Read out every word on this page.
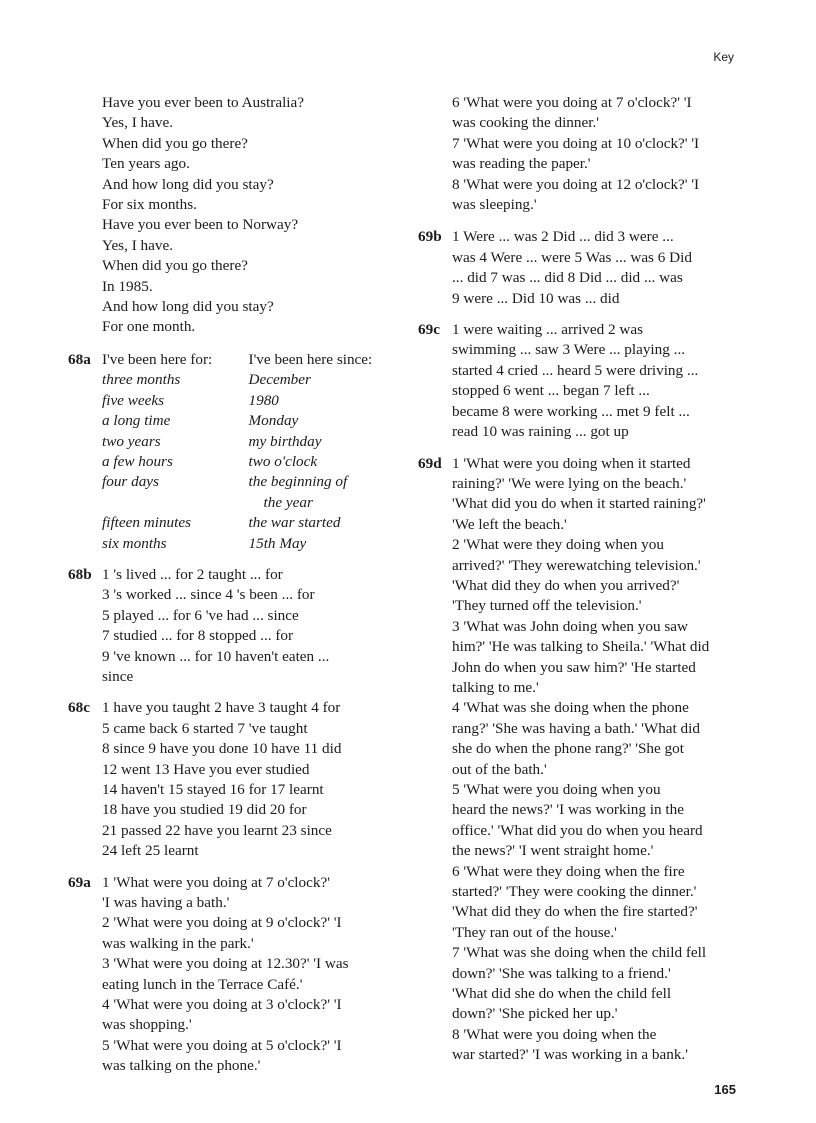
Key
Have you ever been to Australia?
Yes, I have.
When did you go there?
Ten years ago.
And how long did you stay?
For six months.
Have you ever been to Norway?
Yes, I have.
When did you go there?
In 1985.
And how long did you stay?
For one month.
68a I've been here for:
three months
five weeks
a long time
two years
a few hours
four days

fifteen minutes
six months
I've been here since:
December
1980
Monday
my birthday
two o'clock
the beginning of
the year
the war started
15th May
68b 1 's lived ... for 2 taught ... for
3 's worked ... since 4 's been ... for
5 played ... for 6 've had ... since
7 studied ... for 8 stopped ... for
9 've known ... for 10 haven't eaten ...
since
68c 1 have you taught 2 have 3 taught 4 for
5 came back 6 started 7 've taught
8 since 9 have you done 10 have 11 did
12 went 13 Have you ever studied
14 haven't 15 stayed 16 for 17 learnt
18 have you studied 19 did 20 for
21 passed 22 have you learnt 23 since
24 left 25 learnt
69a 1 'What were you doing at 7 o'clock?'
'I was having a bath.'
2 'What were you doing at 9 o'clock?' 'I
was walking in the park.'
3 'What were you doing at 12.30?' 'I was
eating lunch in the Terrace Café.'
4 'What were you doing at 3 o'clock?' 'I
was shopping.'
5 'What were you doing at 5 o'clock?' 'I
was talking on the phone.'
6 'What were you doing at 7 o'clock?' 'I
was cooking the dinner.'
7 'What were you doing at 10 o'clock?' 'I
was reading the paper.'
8 'What were you doing at 12 o'clock?' 'I
was sleeping.'
69b 1 Were ... was 2 Did ... did 3 were ...
was 4 Were ... were 5 Was ... was 6 Did
... did 7 was ... did 8 Did ... did ... was
9 were ... Did 10 was ... did
69c 1 were waiting ... arrived 2 was
swimming ... saw 3 Were ... playing ...
started 4 cried ... heard 5 were driving ...
stopped 6 went ... began 7 left ...
became 8 were working ... met 9 felt ...
read 10 was raining ... got up
69d 1 'What were you doing when it started
raining?' 'We were lying on the beach.'
'What did you do when it started raining?'
'We left the beach.'
2 'What were they doing when you
arrived?' 'They werewatching television.'
'What did they do when you arrived?'
'They turned off the television.'
3 'What was John doing when you saw
him?' 'He was talking to Sheila.' 'What did
John do when you saw him?' 'He started
talking to me.'
4 'What was she doing when the phone
rang?' 'She was having a bath.' 'What did
she do when the phone rang?' 'She got
out of the bath.'
5 'What were you doing when you
heard the news?' 'I was working in the
office.' 'What did you do when you heard
the news?' 'I went straight home.'
6 'What were they doing when the fire
started?' 'They were cooking the dinner.'
'What did they do when the fire started?'
'They ran out of the house.'
7 'What was she doing when the child fell
down?' 'She was talking to a friend.'
'What did she do when the child fell
down?' 'She picked her up.'
8 'What were you doing when the
war started?' 'I was working in a bank.'
165
